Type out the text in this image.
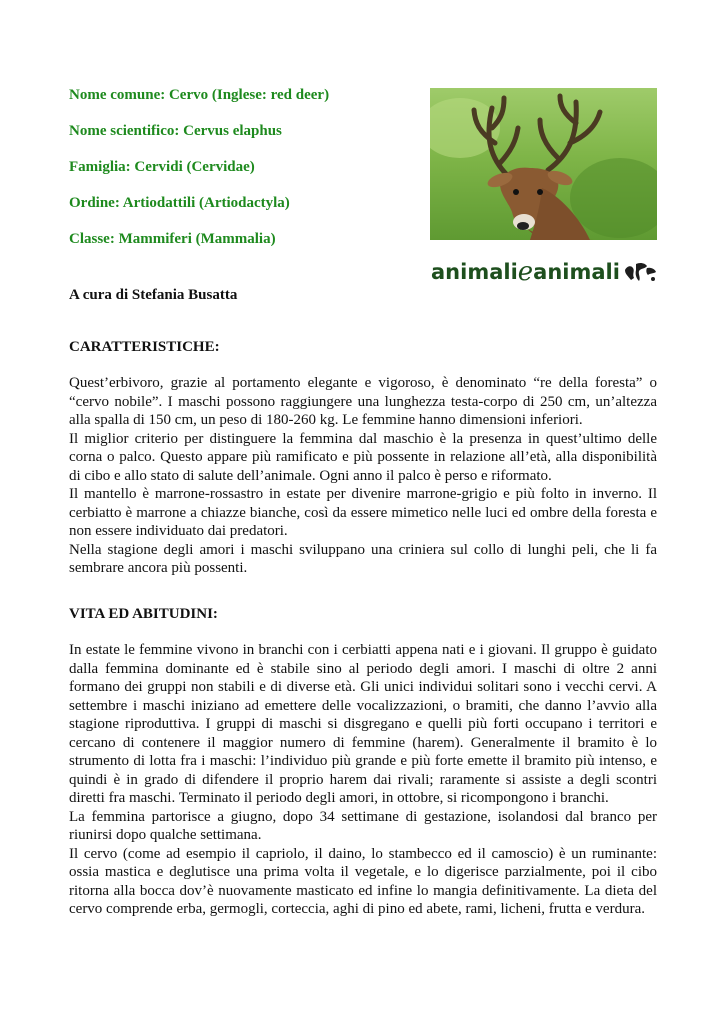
Nome comune: Cervo (Inglese: red deer)

Nome scientifico: Cervus elaphus

Famiglia: Cervidi (Cervidae)

Ordine: Artiodattili (Artiodactyla)

Classe: Mammiferi (Mammalia)

animali e animali

A cura di Stefania Busatta

CARATTERISTICHE:

Quest’erbivoro, grazie al portamento elegante e vigoroso, è denominato “re della foresta” o “cervo nobile”. I maschi possono raggiungere una lunghezza testa-corpo di 250 cm, un’altezza alla spalla di 150 cm, un peso di 180-260 kg. Le femmine hanno dimensioni inferiori.

Il miglior criterio per distinguere la femmina dal maschio è la presenza in quest’ultimo delle corna o palco. Questo appare più ramificato e più possente in relazione all’età, alla disponibilità di cibo e allo stato di salute dell’animale. Ogni anno il palco è perso e riformato.

Il mantello è marrone-rossastro in estate per divenire marrone-grigio e più folto in inverno. Il cerbiatto è marrone a chiazze bianche, così da essere mimetico nelle luci ed ombre della foresta e non essere individuato dai predatori.

Nella stagione degli amori i maschi sviluppano una criniera sul collo di lunghi peli, che li fa sembrare ancora più possenti.

VITA ED ABITUDINI:

In estate le femmine vivono in branchi con i cerbiatti appena nati e i giovani. Il gruppo è guidato dalla femmina dominante ed è stabile sino al periodo degli amori. I maschi di oltre 2 anni formano dei gruppi non stabili e di diverse età. Gli unici individui solitari sono i vecchi cervi. A settembre i maschi iniziano ad emettere delle vocalizzazioni, o bramiti, che danno l’avvio alla stagione riproduttiva. I gruppi di maschi si disgregano e quelli più forti occupano i territori e cercano di contenere il maggior numero di femmine (harem). Generalmente il bramito è lo strumento di lotta fra i maschi: l’individuo più grande e più forte emette il bramito più intenso, e quindi è in grado di difendere il proprio harem dai rivali; raramente si assiste a degli scontri diretti fra maschi. Terminato il periodo degli amori, in ottobre, si ricompongono i branchi.

La femmina partorisce a giugno, dopo 34 settimane di gestazione, isolandosi dal branco per riunirsi dopo qualche settimana.

Il cervo (come ad esempio il capriolo, il daino, lo stambecco ed il camoscio) è un ruminante: ossia mastica e deglutisce una prima volta il vegetale, e lo digerisce parzialmente, poi il cibo ritorna alla bocca dov’è nuovamente masticato ed infine lo mangia definitivamente. La dieta del cervo comprende erba, germogli, corteccia, aghi di pino ed abete, rami, licheni, frutta e verdura.
